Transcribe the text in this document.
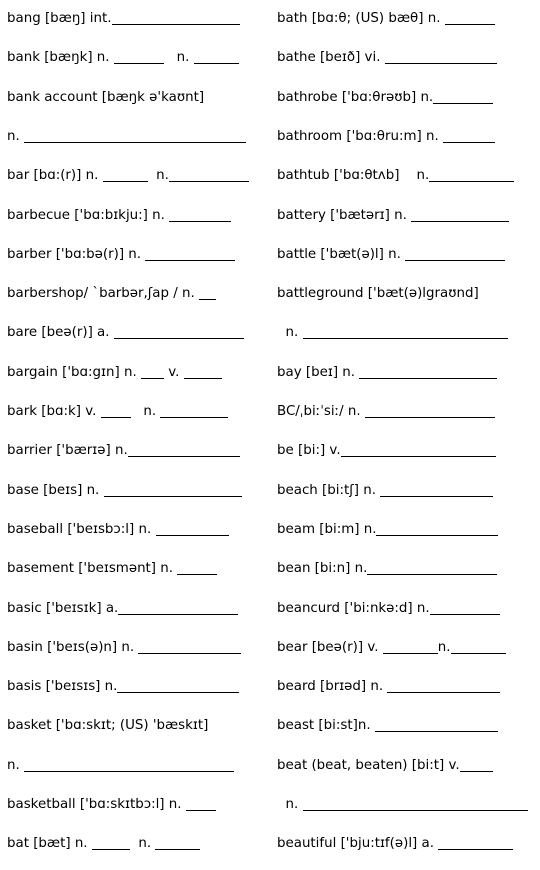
bang [bæŋ] int.
bank [bæŋk] n.	n.
bank account [bæŋk ə'kaʊnt]
n.
bar [bɑ:(r)] n.	n.
barbecue ['bɑ:bɪkju:] n.
barber ['bɑ:bə(r)] n.
barbershop/ `barbər,ʃap / n.
bare [beə(r)] a.
bargain ['bɑ:gɪn] n. v.
bark [bɑ:k] v. n.
barrier ['bærɪə] n.
base [beɪs] n.
baseball ['beɪsbɔ:l] n.
basement ['beɪsmənt] n.
basic ['beɪsɪk] a.
basin ['beɪs(ə)n] n.
basis ['beɪsɪs] n.
basket ['bɑ:skɪt; (US) 'bæskɪt]
n.
basketball ['bɑ:skɪtbɔ:l] n.
bat [bæt] n.	n.
bath [bɑ:θ; (US) bæθ] n.
bathe [beɪð] vi.
bathrobe ['bɑ:θrəʊb] n.
bathroom ['bɑ:θru:m] n.
bathtub ['bɑ:θtʌb]    n.
battery ['bætərɪ] n.
battle ['bæt(ə)l] n.
battleground ['bæt(ə)lgraʊnd]
n.
bay [beɪ] n.
BC/ˌbiːˈsiː/ n.
be [bi:] v.
beach [bi:tʃ] n.
beam [bi:m] n.
bean [bi:n] n.
beancurd ['bi:nkə:d] n.
bear [beə(r)] v.	n.
beard [brɪəd] n.
beast [bi:st]n.
beat (beat, beaten) [bi:t] v.
n.
beautiful ['bju:tɪf(ə)l] a.
